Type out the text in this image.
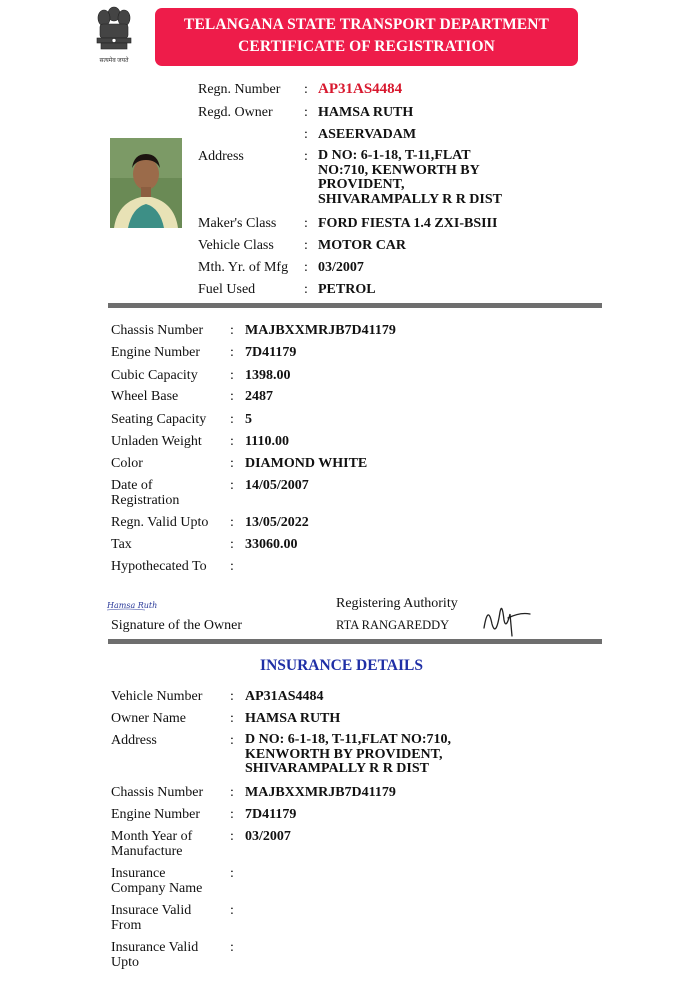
सत्यमेव जयते
TELANGANA STATE TRANSPORT DEPARTMENT
CERTIFICATE OF REGISTRATION
Regn. Number	: AP31AS4484
Regd. Owner	: HAMSA RUTH
: ASEERVADAM
Address	: D NO: 6-1-18, T-11,FLAT
NO:710, KENWORTH BY
PROVIDENT,
SHIVARAMPALLY R R DIST
Maker's Class	: FORD FIESTA 1.4 ZXI-BSIII
Vehicle Class	: MOTOR CAR
Mth. Yr. of Mfg	: 03/2007
Fuel Used	: PETROL
Chassis Number	: MAJBXXMRJB7D41179
Engine Number	: 7D41179
Cubic Capacity	: 1398.00
Wheel Base	: 2487
Seating Capacity	: 5
Unladen Weight	: 1110.00
Color	: DIAMOND WHITE
Date of
Registration
: 14/05/2007
Regn. Valid Upto	: 13/05/2022
Tax	: 33060.00
Hypothecated To	:
Hamsa Ruth
Signature of the Owner
Registering Authority
RTA RANGAREDDY
INSURANCE DETAILS
Vehicle Number	: AP31AS4484
Owner Name	: HAMSA RUTH
Address	: D NO: 6-1-18, T-11,FLAT NO:710,
KENWORTH BY PROVIDENT,
SHIVARAMPALLY R R DIST
Chassis Number	: MAJBXXMRJB7D41179
Engine Number	: 7D41179
Month Year of
Manufacture
: 03/2007
Insurance
Company Name
:
Insurace Valid
From
:
Insurance Valid
Upto
:
